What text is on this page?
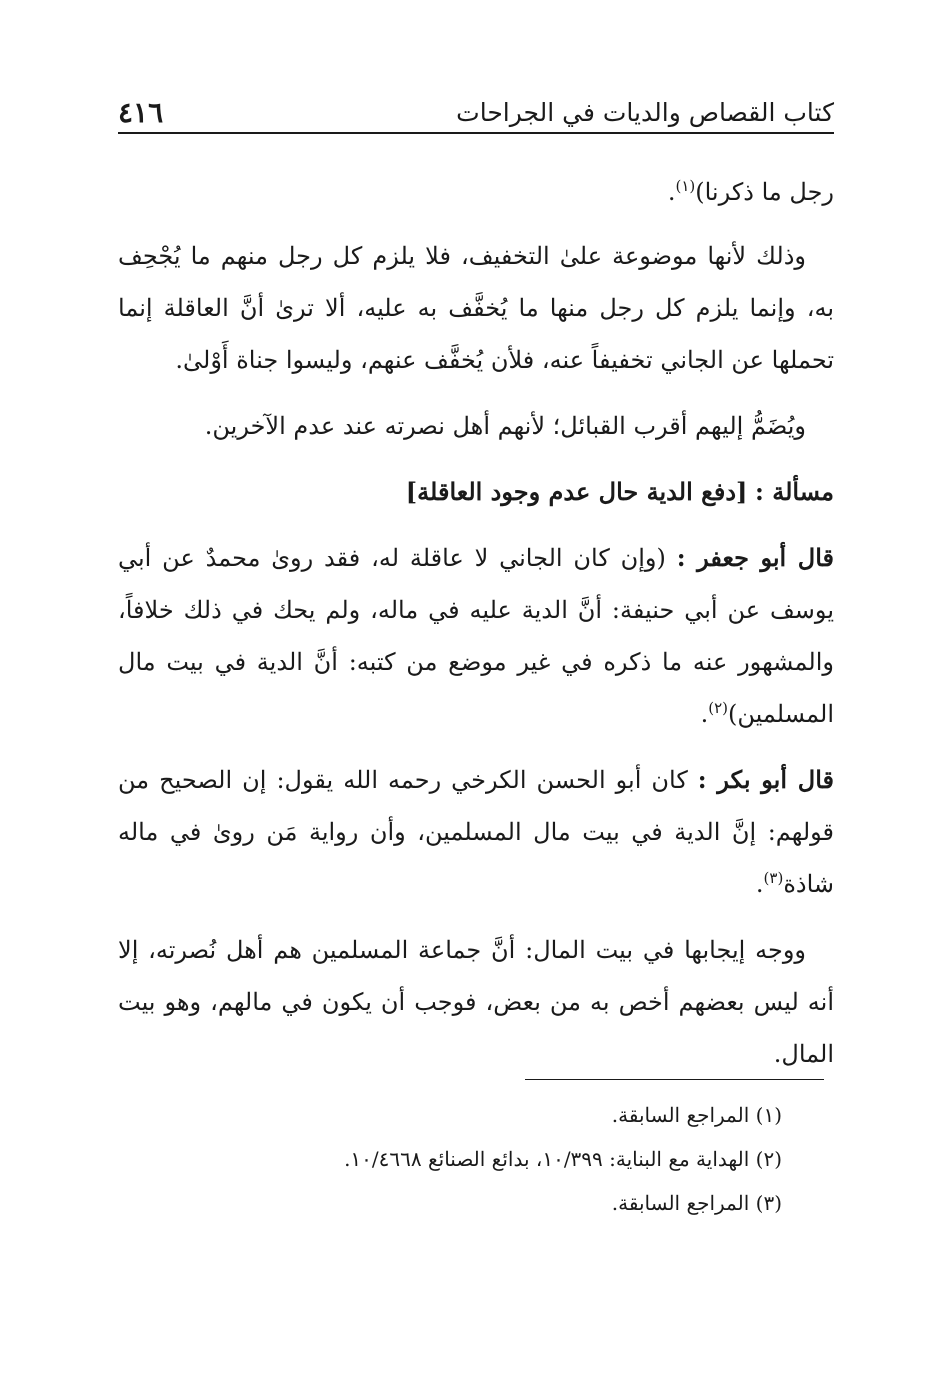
كتاب القصاص والديات في الجراحات
٤١٦

رجل ما ذكرنا)$^{(١)}$.

وذلك لأنها موضوعة علىٰ التخفيف، فلا يلزم كل رجل منهم ما يُجْحِف به، وإنما يلزم كل رجل منها ما يُخفَّف به عليه، ألا ترىٰ أنَّ العاقلة إنما تحملها عن الجاني تخفيفاً عنه، فلأن يُخفَّف عنهم، وليسوا جناة أَوْلىٰ.

ويُضَمُّ إليهم أقرب القبائل؛ لأنهم أهل نصرته عند عدم الآخرين.

مسألة : [دفع الدية حال عدم وجود العاقلة]

قال أبو جعفر : (وإن كان الجاني لا عاقلة له، فقد روىٰ محمدٌ عن أبي يوسف عن أبي حنيفة: أنَّ الدية عليه في ماله، ولم يحك في ذلك خلافاً، والمشهور عنه ما ذكره في غير موضع من كتبه: أنَّ الدية في بيت مال المسلمين)$^{(٢)}$.

قال أبو بكر : كان أبو الحسن الكرخي رحمه الله يقول: إن الصحيح من قولهم: إنَّ الدية في بيت مال المسلمين، وأن رواية مَن روىٰ في ماله شاذة$^{(٣)}$.

ووجه إيجابها في بيت المال: أنَّ جماعة المسلمين هم أهل نُصرته، إلا أنه ليس بعضهم أخص به من بعض، فوجب أن يكون في مالهم، وهو بيت المال.

(١) المراجع السابقة.
(٢) الهداية مع البناية: ١٠/٣٩٩، بدائع الصنائع ١٠/٤٦٦٨.
(٣) المراجع السابقة.
